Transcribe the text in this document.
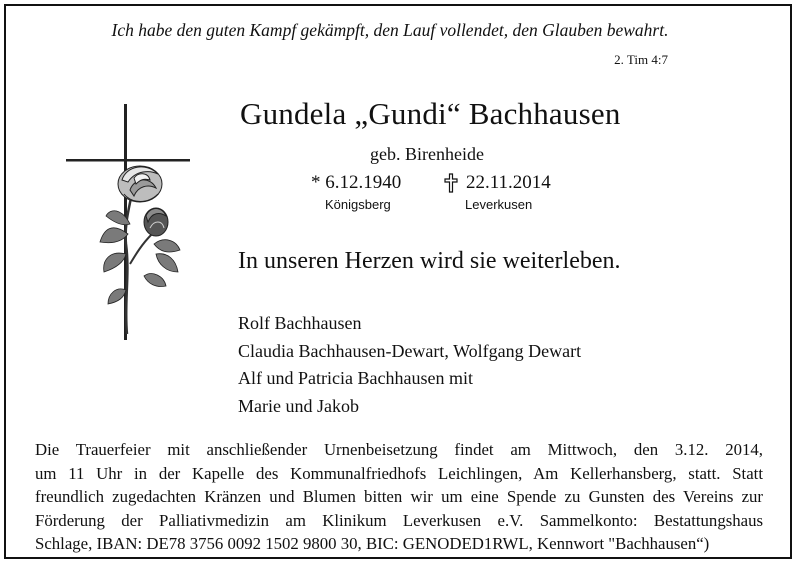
Ich habe den guten Kampf gekämpft, den Lauf vollendet, den Glauben bewahrt.
2. Tim 4:7
Gundela „Gundi“ Bachhausen
geb. Birenheide
* 6.12.1940	22.11.2014
Königsberg	Leverkusen
In unseren Herzen wird sie weiterleben.
Rolf Bachhausen
Claudia Bachhausen-Dewart, Wolfgang Dewart
Alf und Patricia Bachhausen mit
Marie und Jakob
Die Trauerfeier mit anschließender Urnenbeisetzung findet am Mittwoch, den 3.12. 2014,
um 11 Uhr in der Kapelle des Kommunalfriedhofs Leichlingen, Am Kellerhansberg, statt. Statt
freundlich zugedachten Kränzen und Blumen bitten wir um eine Spende zu Gunsten des Vereins zur
Förderung der Palliativmedizin am Klinikum Leverkusen e.V. Sammelkonto: Bestattungshaus
Schlage, IBAN: DE78 3756 0092 1502 9800 30, BIC: GENODED1RWL, Kennwort "Bachhausen“)
